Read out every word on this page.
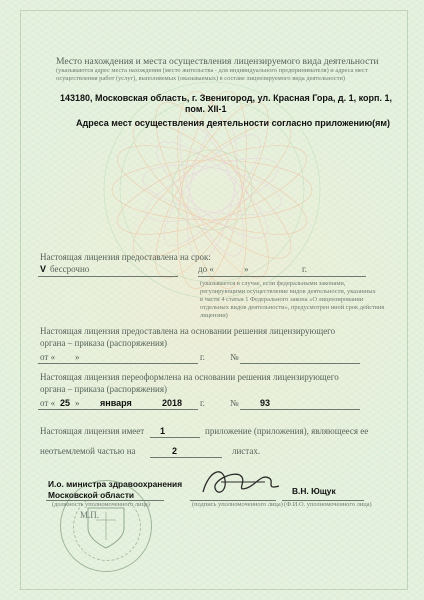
Место нахождения и места осуществления лицензируемого вида деятельности
(указываются адрес места нахождения (место жительства - для индивидуального предпринимателя) и адреса мест
осуществления работ (услуг), выполняемых (оказываемых) в составе лицензируемого вида деятельности)
143180, Московская область, г. Звенигород, ул. Красная Гора, д. 1, корп. 1,
пом. XII-1
Адреса мест осуществления деятельности согласно приложению(ям)
Настоящая лицензия предоставлена на срок:
V бессрочно	до «	»	г.
(указывается в случае, если федеральными законами,
регулирующими осуществление видов деятельности, указанных
в части 4 статьи 1 Федерального закона «О лицензировании
отдельных видов деятельности», предусмотрен иной срок действия
лицензии)
Настоящая лицензия предоставлена на основании решения лицензирующего
органа – приказа (распоряжения)
от « »	г.	№
Настоящая лицензия переоформлена на основании решения лицензирующего
органа – приказа (распоряжения)
от « 25 » января	2018 г.	№ 93
Настоящая лицензия имеет 1	приложение (приложения), являющееся ее
неотъемлемой частью на	2	листах.
И.о. министра здравоохранения
Московской области
(должность уполномоченного лица)	(подпись уполномоченного лица)
В.Н. Ющук
(Ф.И.О. уполномоченного лица)
М.П.
